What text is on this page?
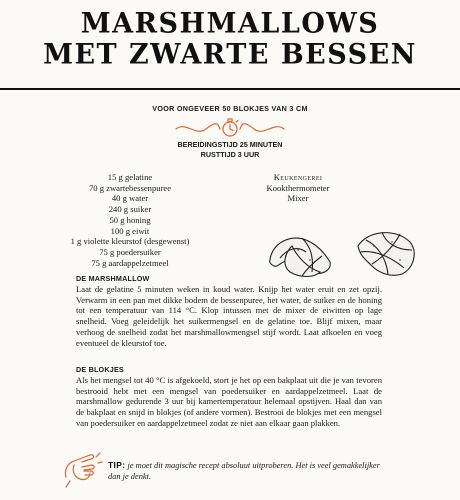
MARSHMALLOWS
MET ZWARTE BESSEN
VOOR ONGEVEER 50 BLOKJES VAN 3 CM
BEREIDINGSTIJD 25 MINUTEN
RUSTTIJD 3 UUR
15 g gelatine
70 g zwartebessenpuree
40 g water
240 g suiker
50 g honing
100 g eiwit
1 g violette kleurstof (desgewenst)
75 g poedersuiker
75 g aardappelzetmeel
Keukengerei
Kookthermometer
Mixer
DE MARSHMALLOW

Laat de gelatine 5 minuten weken in koud water. Knijp het water eruit en zet opzij. Verwarm in een pan met dikke bodem de bessenpuree, het water, de suiker en de honing tot een temperatuur van 114 °C. Klop intussen met de mixer de eiwitten op lage snelheid. Voeg geleidelijk het suikermengsel en de gelatine toe. Blijf mixen, maar verhoog de snelheid zodat het marshmallowmengsel stijf wordt. Laat afkoelen en voeg eventueel de kleurstof toe.

DE BLOKJES

Als het mengsel tot 40 °C is afgekoeld, stort je het op een bakplaat uit die je van tevoren bestrooid hebt met een mengsel van poedersuiker en aardappelzetmeel. Laat de marshmallow gedurende 3 uur bij kamertemperatuur helemaal opstijven. Haal dan van de bakplaat en snijd in blokjes (of andere vormen). Bestrooi de blokjes met een mengsel van poedersuiker en aardappelzetmeel zodat ze niet aan elkaar gaan plakken.

TIP: je moet dit magische recept absoluut uitproberen. Het is veel gemakkelijker dan je denkt.
